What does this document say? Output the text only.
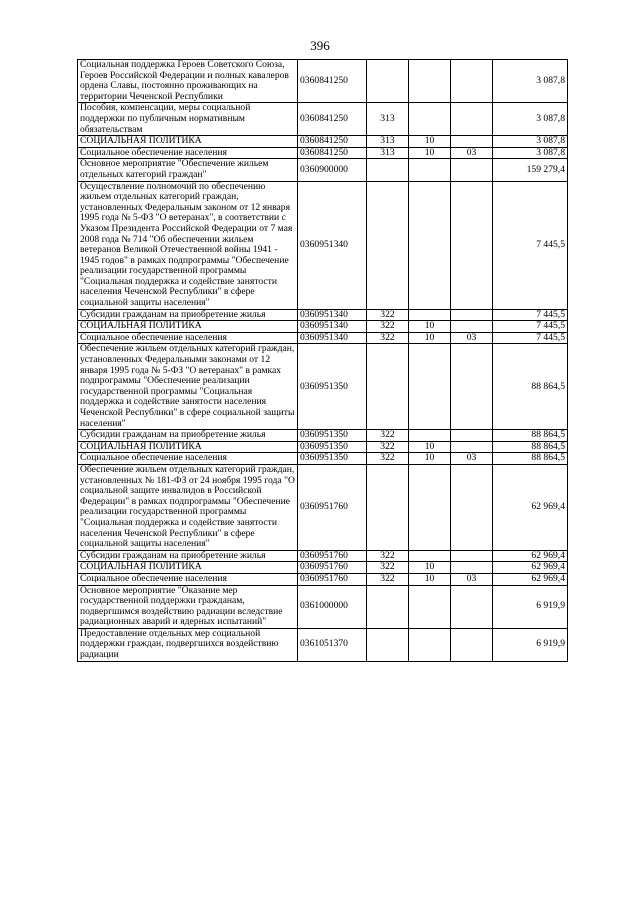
396
Социальная поддержка Героев Советского Союза, Героев Российской Федерации и полных кавалеров ордена Славы, постоянно проживающих на территории Чеченской Республики	0360841250				3 087,8
Пособия, компенсации, меры социальной поддержки по публичным нормативным обязательствам	0360841250	313			3 087,8
СОЦИАЛЬНАЯ ПОЛИТИКА	0360841250	313	10		3 087,8
Социальное обеспечение населения	0360841250	313	10	03	3 087,8
Основное мероприятие "Обеспечение жильем отдельных категорий граждан"	0360900000				159 279,4
Осуществление полномочий по обеспечению жильем отдельных категорий граждан, установленных Федеральным законом от 12 января 1995 года № 5-ФЗ "О ветеранах", в соответствии с Указом Президента Российской Федерации от 7 мая 2008 года № 714 "Об обеспечении жильем ветеранов Великой Отечественной войны 1941 - 1945 годов" в рамках подпрограммы "Обеспечение реализации государственной программы "Социальная поддержка и содействие занятости населения Чеченской Республики" в сфере социальной защиты населения"	0360951340				7 445,5
Субсидии гражданам на приобретение жилья	0360951340	322			7 445,5
СОЦИАЛЬНАЯ ПОЛИТИКА	0360951340	322	10		7 445,5
Социальное обеспечение населения	0360951340	322	10	03	7 445,5
Обеспечение жильем отдельных категорий граждан, установленных Федеральными законами от 12 января 1995 года № 5-ФЗ "О ветеранах" в рамках подпрограммы "Обеспечение реализации государственной программы "Социальная поддержка и содействие занятости населения Чеченской Республики" в сфере социальной защиты населения"	0360951350				88 864,5
Субсидии гражданам на приобретение жилья	0360951350	322			88 864,5
СОЦИАЛЬНАЯ ПОЛИТИКА	0360951350	322	10		88 864,5
Социальное обеспечение населения	0360951350	322	10	03	88 864,5
Обеспечение жильем отдельных категорий граждан, установленных № 181-ФЗ от 24 ноября 1995 года "О социальной защите инвалидов в Российской Федерации" в рамках подпрограммы "Обеспечение реализации государственной программы "Социальная поддержка и содействие занятости населения Чеченской Республики" в сфере социальной защиты населения"	0360951760				62 969,4
Субсидии гражданам на приобретение жилья	0360951760	322			62 969,4
СОЦИАЛЬНАЯ ПОЛИТИКА	0360951760	322	10		62 969,4
Социальное обеспечение населения	0360951760	322	10	03	62 969,4
Основное мероприятие "Оказание мер государственной поддержки гражданам, подвергшимся воздействию радиации вследствие радиационных аварий и ядерных испытаний"	0361000000				6 919,9
Предоставление отдельных мер социальной поддержки граждан, подвергшихся воздействию радиации	0361051370				6 919,9
